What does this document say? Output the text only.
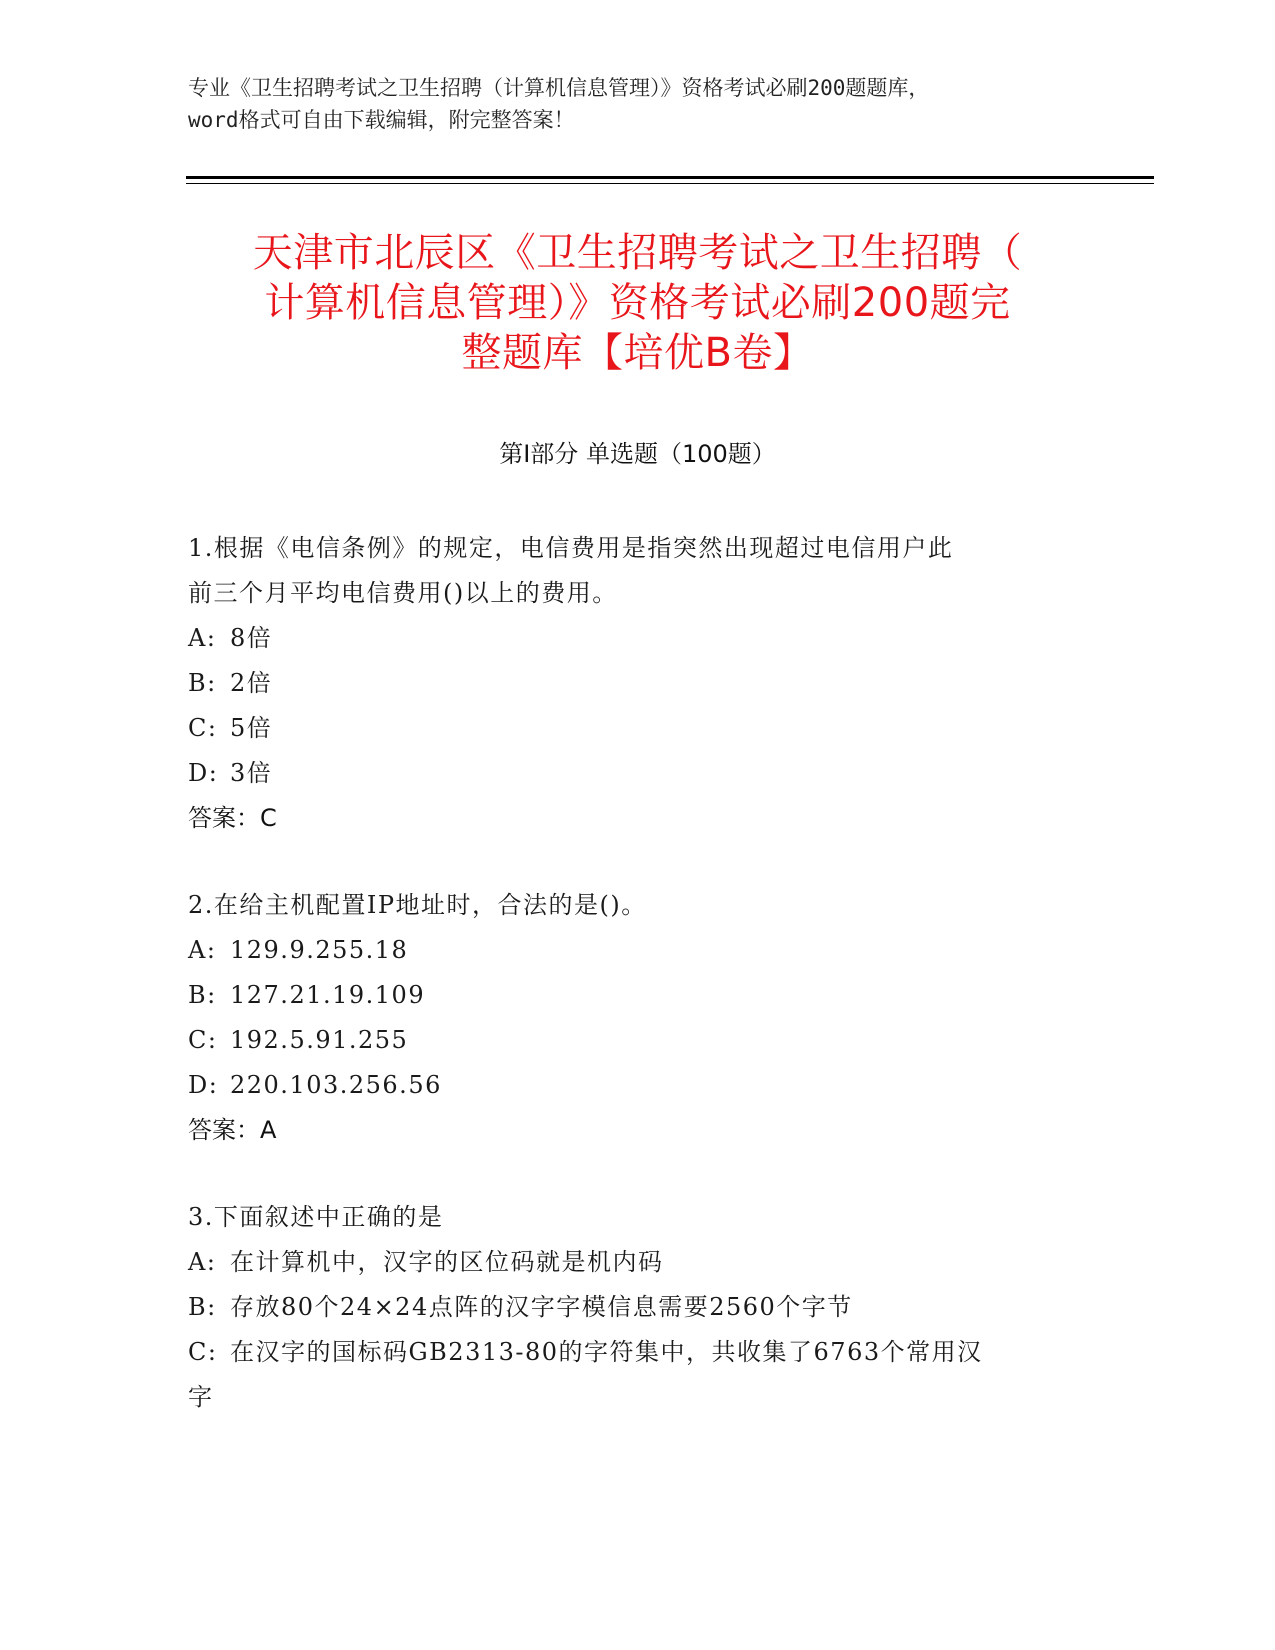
专业《卫生招聘考试之卫生招聘（计算机信息管理）》资格考试必刷200题题库，
word格式可自由下载编辑，附完整答案！
天津市北辰区《卫生招聘考试之卫生招聘（
计算机信息管理）》资格考试必刷200题完
整题库【培优B卷】
第I部分 单选题（100题）
1.根据《电信条例》的规定，电信费用是指突然出现超过电信用户此
前三个月平均电信费用()以上的费用。
A: 8倍
B: 2倍
C: 5倍
D: 3倍
答案：C
2.在给主机配置IP地址时，合法的是()。
A: 129.9.255.18
B: 127.21.19.109
C: 192.5.91.255
D: 220.103.256.56
答案：A
3.下面叙述中正确的是
A: 在计算机中，汉字的区位码就是机内码
B: 存放80个24×24点阵的汉字字模信息需要2560个字节
C: 在汉字的国标码GB2313-80的字符集中，共收集了6763个常用汉
字
